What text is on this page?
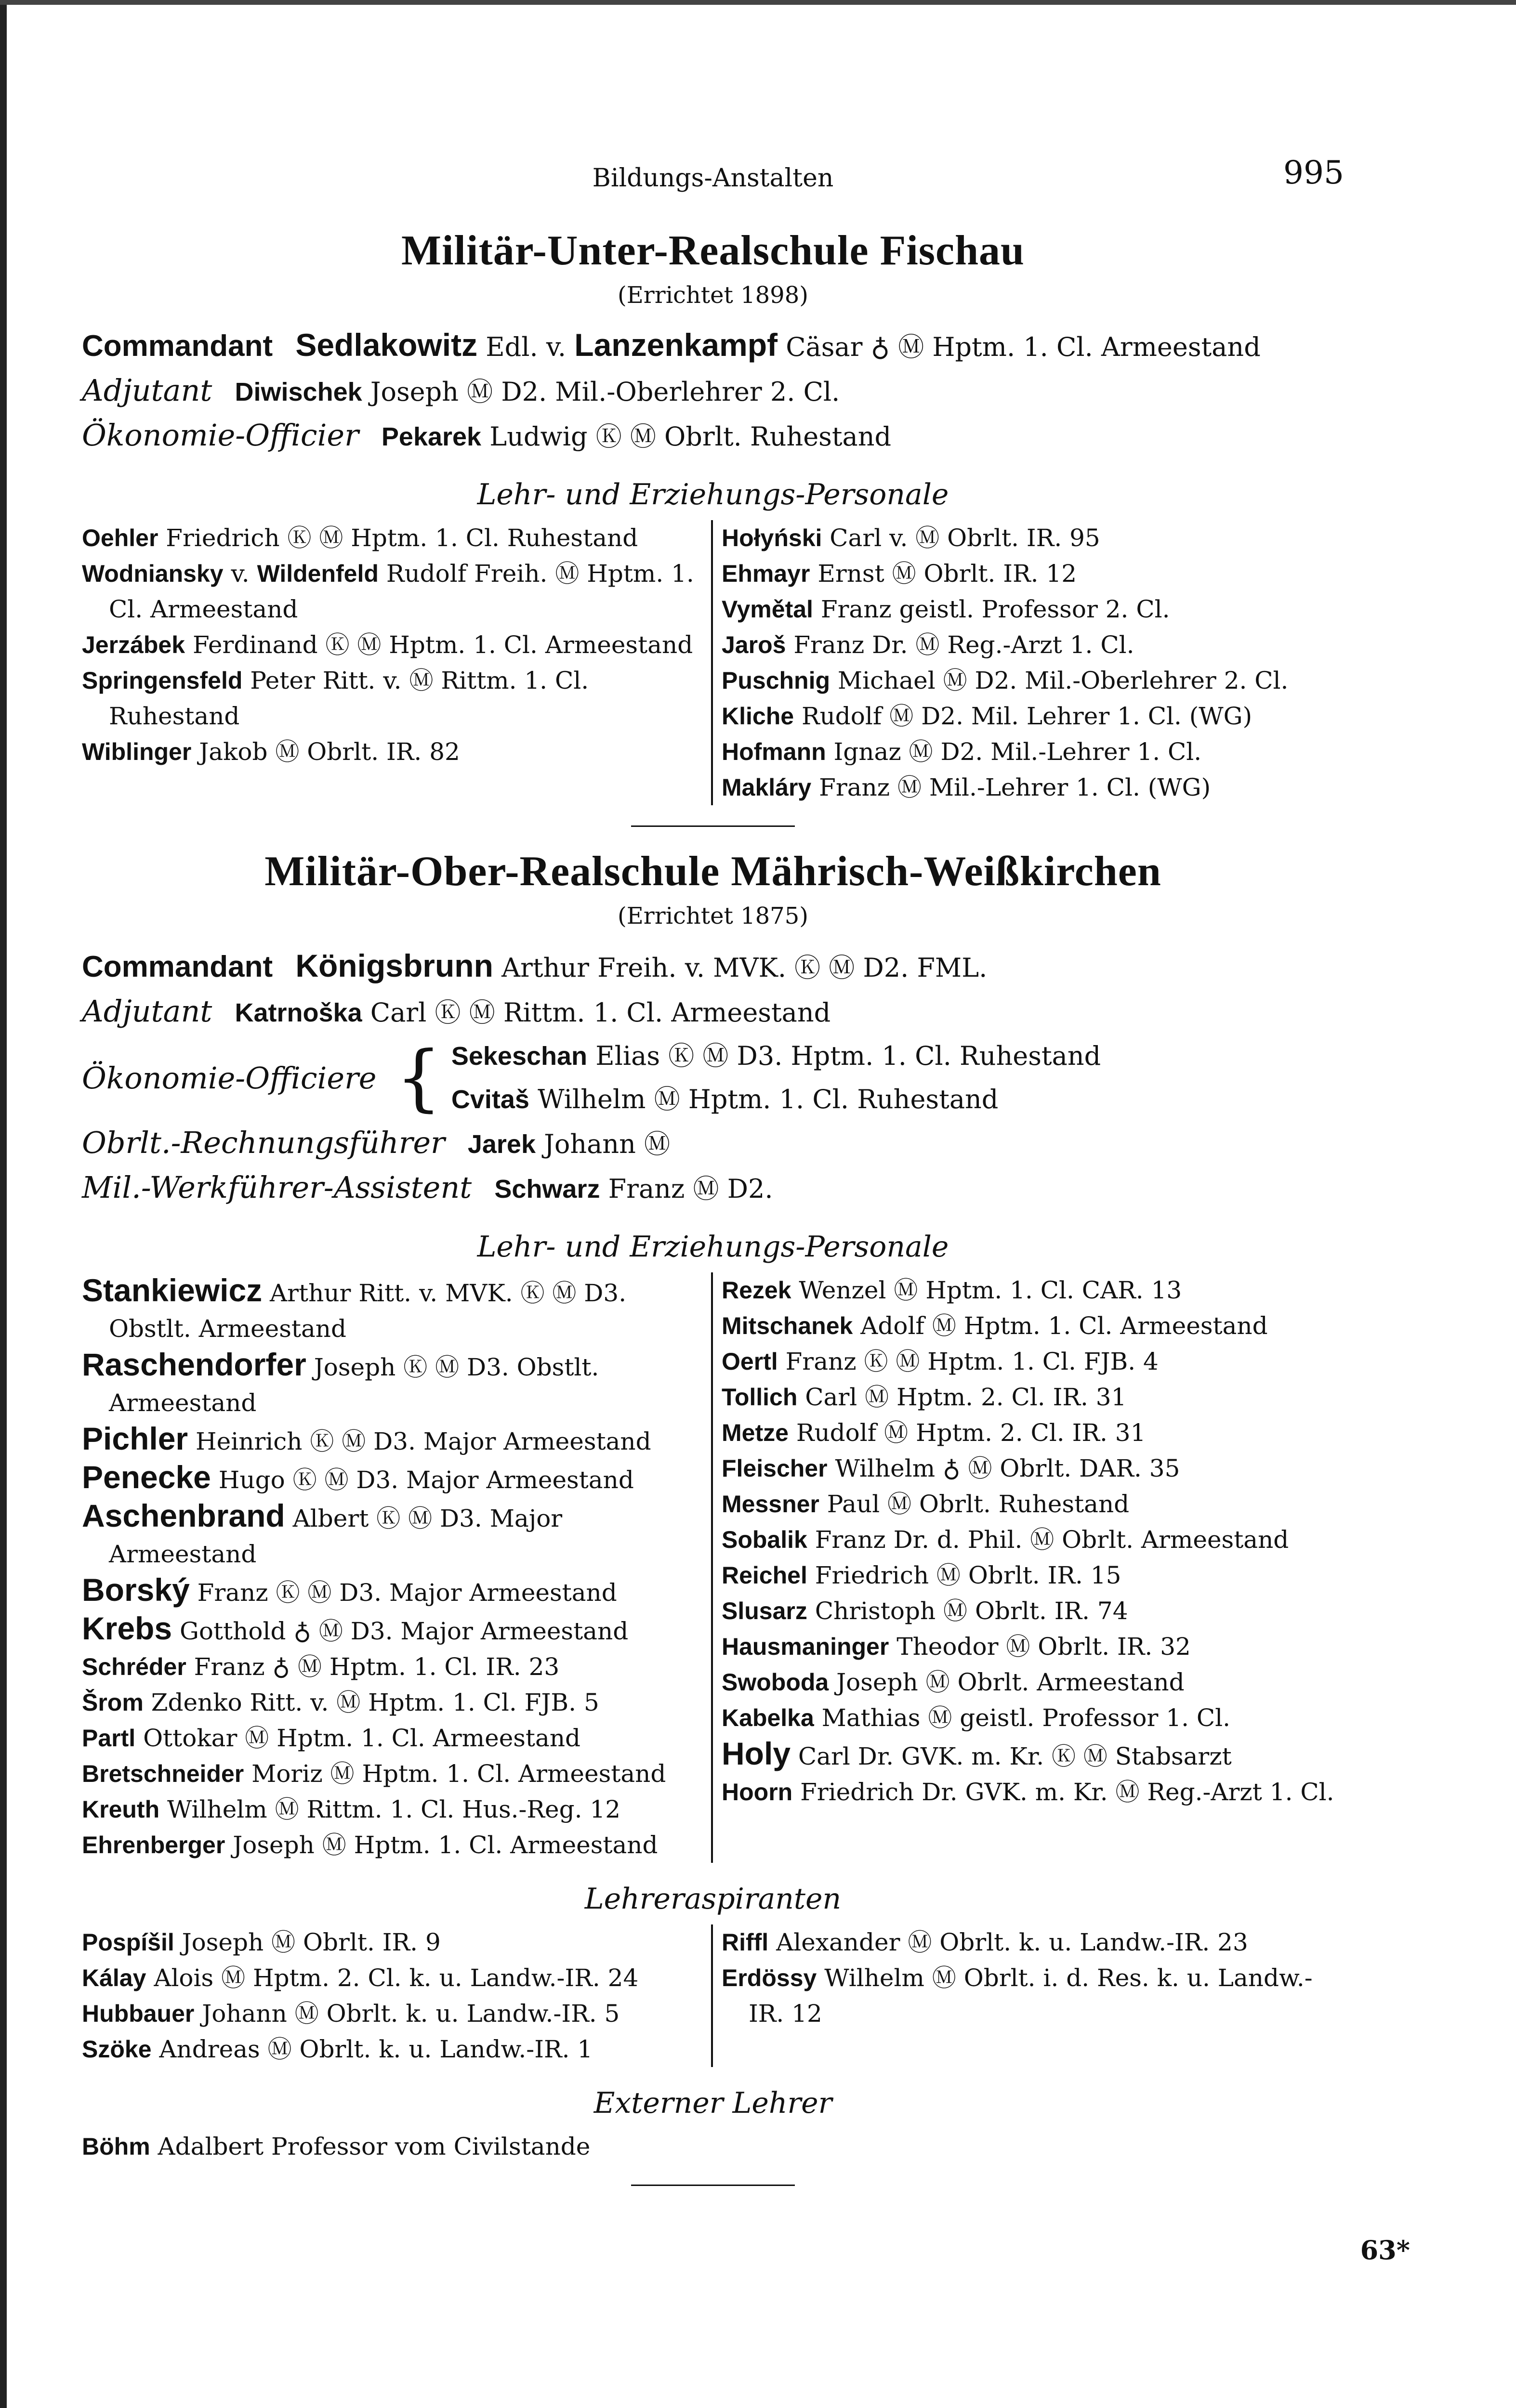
Bildungs-Anstalten	995
Militär-Unter-Realschule Fischau
(Errichtet 1898)
Commandant Sedlakowitz Edl. v. Lanzenkampf Cäsar ♁ Ⓜ Hptm. 1. Cl. Armeestand
Adjutant Diwischek Joseph Ⓜ D2. Mil.-Oberlehrer 2. Cl.
Ökonomie-Officier Pekarek Ludwig Ⓚ Ⓜ Obrlt. Ruhestand
Lehr- und Erziehungs-Personale
Oehler Friedrich Ⓚ Ⓜ Hptm. 1. Cl. Ruhestand
Wodniansky v. Wildenfeld Rudolf Freih. Ⓜ Hptm. 1. Cl. Armeestand
Jerzábek Ferdinand Ⓚ Ⓜ Hptm. 1. Cl. Armeestand
Springensfeld Peter Ritt. v. Ⓜ Rittm. 1. Cl. Ruhestand
Wiblinger Jakob Ⓜ Obrlt. IR. 82
Hołyński Carl v. Ⓜ Obrlt. IR. 95
Ehmayr Ernst Ⓜ Obrlt. IR. 12
Vymětal Franz geistl. Professor 2. Cl.
Jaroš Franz Dr. Ⓜ Reg.-Arzt 1. Cl.
Puschnig Michael Ⓜ D2. Mil.-Oberlehrer 2. Cl.
Kliche Rudolf Ⓜ D2. Mil. Lehrer 1. Cl. (WG)
Hofmann Ignaz Ⓜ D2. Mil.-Lehrer 1. Cl.
Makláry Franz Ⓜ Mil.-Lehrer 1. Cl. (WG)
Militär-Ober-Realschule Mährisch-Weißkirchen
(Errichtet 1875)
Commandant Königsbrunn Arthur Freih. v. MVK. Ⓚ Ⓜ D2. FML.
Adjutant Katrnoška Carl Ⓚ Ⓜ Rittm. 1. Cl. Armeestand
Ökonomie-Officiere { Sekeschan Elias Ⓚ Ⓜ D3. Hptm. 1. Cl. Ruhestand
Cvitaš Wilhelm Ⓜ Hptm. 1. Cl. Ruhestand
Obrlt.-Rechnungsführer Jarek Johann Ⓜ
Mil.-Werkführer-Assistent Schwarz Franz Ⓜ D2.
Lehr- und Erziehungs-Personale
Stankiewicz Arthur Ritt. v. MVK. Ⓚ Ⓜ D3. Obstlt. Armeestand
Raschendorfer Joseph Ⓚ Ⓜ D3. Obstlt. Armeestand
Pichler Heinrich Ⓚ Ⓜ D3. Major Armeestand
Penecke Hugo Ⓚ Ⓜ D3. Major Armeestand
Aschenbrand Albert Ⓚ Ⓜ D3. Major Armeestand
Borský Franz Ⓚ Ⓜ D3. Major Armeestand
Krebs Gotthold ♁ Ⓜ D3. Major Armeestand
Schréder Franz ♁ Ⓜ Hptm. 1. Cl. IR. 23
Šrom Zdenko Ritt. v. Ⓜ Hptm. 1. Cl. FJB. 5
Partl Ottokar Ⓜ Hptm. 1. Cl. Armeestand
Bretschneider Moriz Ⓜ Hptm. 1. Cl. Armeestand
Kreuth Wilhelm Ⓜ Rittm. 1. Cl. Hus.-Reg. 12
Ehrenberger Joseph Ⓜ Hptm. 1. Cl. Armeestand
Rezek Wenzel Ⓜ Hptm. 1. Cl. CAR. 13
Mitschanek Adolf Ⓜ Hptm. 1. Cl. Armeestand
Oertl Franz Ⓚ Ⓜ Hptm. 1. Cl. FJB. 4
Tollich Carl Ⓜ Hptm. 2. Cl. IR. 31
Metze Rudolf Ⓜ Hptm. 2. Cl. IR. 31
Fleischer Wilhelm ♁ Ⓜ Obrlt. DAR. 35
Messner Paul Ⓜ Obrlt. Ruhestand
Sobalik Franz Dr. d. Phil. Ⓜ Obrlt. Armeestand
Reichel Friedrich Ⓜ Obrlt. IR. 15
Slusarz Christoph Ⓜ Obrlt. IR. 74
Hausmaninger Theodor Ⓜ Obrlt. IR. 32
Swoboda Joseph Ⓜ Obrlt. Armeestand
Kabelka Mathias Ⓜ geistl. Professor 1. Cl.
Holy Carl Dr. GVK. m. Kr. Ⓚ Ⓜ Stabsarzt
Hoorn Friedrich Dr. GVK. m. Kr. Ⓜ Reg.-Arzt 1. Cl.
Lehreraspiranten
Pospíšil Joseph Ⓜ Obrlt. IR. 9
Kálay Alois Ⓜ Hptm. 2. Cl. k. u. Landw.-IR. 24
Hubbauer Johann Ⓜ Obrlt. k. u. Landw.-IR. 5
Szöke Andreas Ⓜ Obrlt. k. u. Landw.-IR. 1
Riffl Alexander Ⓜ Obrlt. k. u. Landw.-IR. 23
Erdössy Wilhelm Ⓜ Obrlt. i. d. Res. k. u. Landw.-IR. 12
Externer Lehrer
Böhm Adalbert Professor vom Civilstande
63*
